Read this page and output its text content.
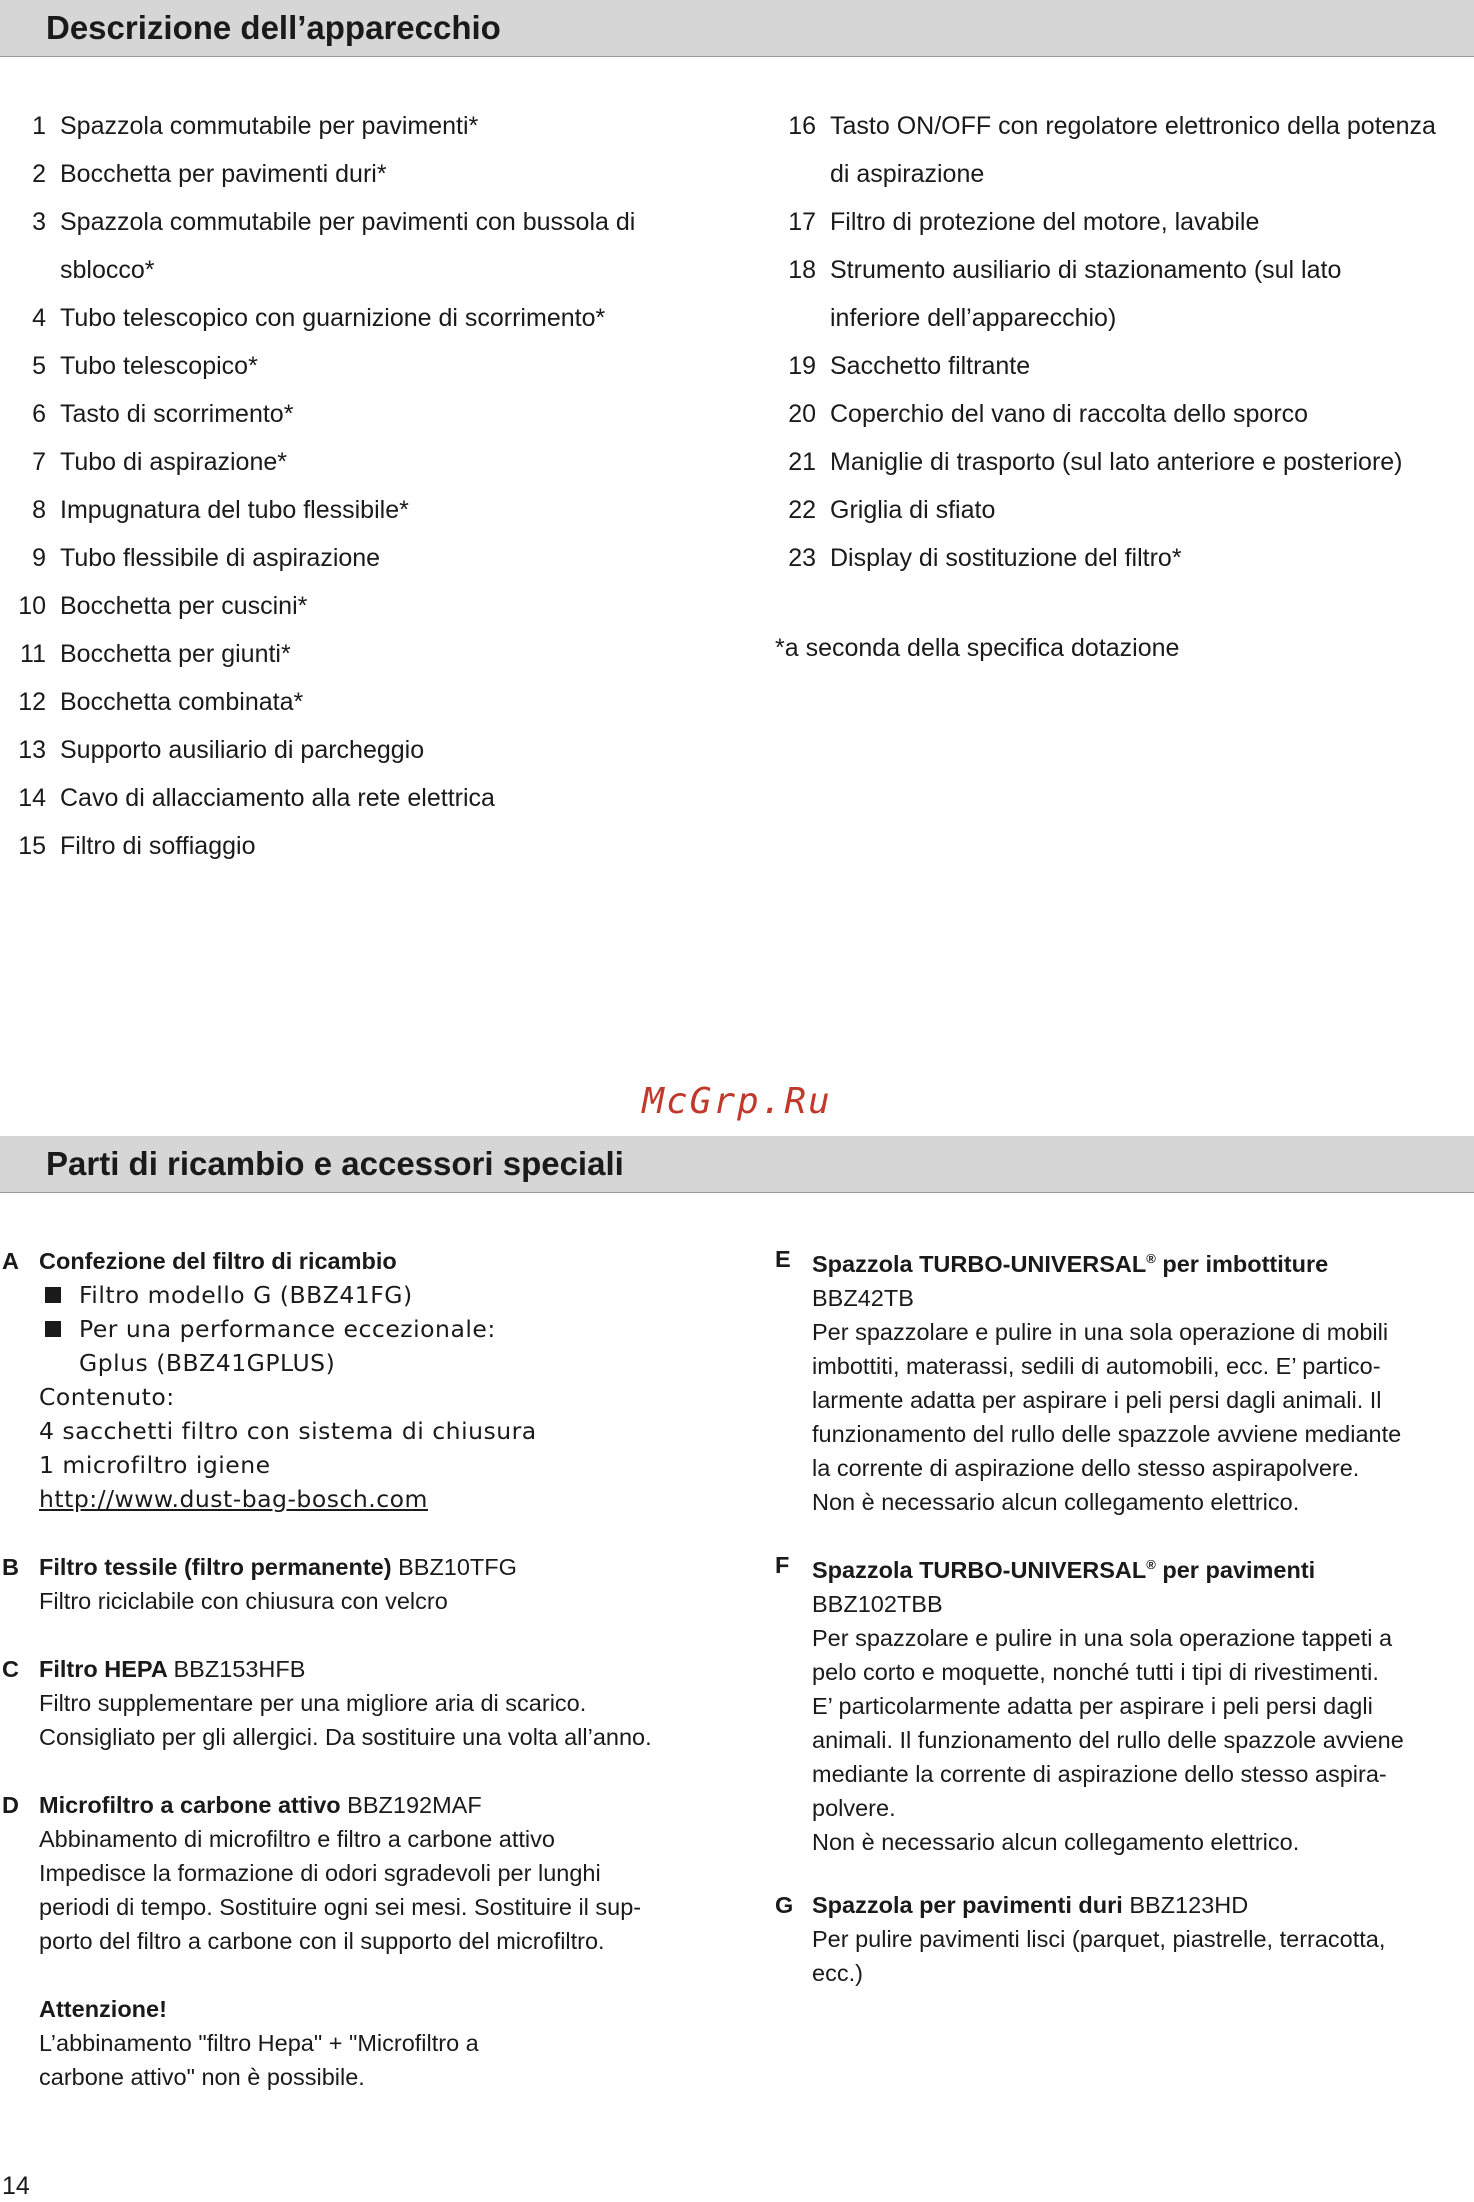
Descrizione dell’apparecchio
1 Spazzola commutabile per pavimenti*
2 Bocchetta per pavimenti duri*
3 Spazzola commutabile per pavimenti con bussola di
sblocco*
4 Tubo telescopico con guarnizione di scorrimento*
5 Tubo telescopico*
6 Tasto di scorrimento*
7 Tubo di aspirazione*
8 Impugnatura del tubo flessibile*
9 Tubo flessibile di aspirazione
10 Bocchetta per cuscini*
11 Bocchetta per giunti*
12 Bocchetta combinata*
13 Supporto ausiliario di parcheggio
14 Cavo di allacciamento alla rete elettrica
15 Filtro di soffiaggio
16 Tasto ON/OFF con regolatore elettronico della potenza
di aspirazione
17 Filtro di protezione del motore, lavabile
18 Strumento ausiliario di stazionamento (sul lato
inferiore dell’apparecchio)
19 Sacchetto filtrante
20 Coperchio del vano di raccolta dello sporco
21 Maniglie di trasporto (sul lato anteriore e posteriore)
22 Griglia di sfiato
23 Display di sostituzione del filtro*
*a seconda della specifica dotazione
McGrp.Ru
Parti di ricambio e accessori speciali
A Confezione del filtro di ricambio
Filtro modello G (BBZ41FG)
Per una performance eccezionale:
Gplus (BBZ41GPLUS)
Contenuto:
4 sacchetti filtro con sistema di chiusura
1 microfiltro igiene
http://www.dust-bag-bosch.com
B Filtro tessile (filtro permanente) BBZ10TFG
Filtro riciclabile con chiusura con velcro
C Filtro HEPA BBZ153HFB
Filtro supplementare per una migliore aria di scarico.
Consigliato per gli allergici. Da sostituire una volta all’anno.
D Microfiltro a carbone attivo BBZ192MAF
Abbinamento di microfiltro e filtro a carbone attivo
Impedisce la formazione di odori sgradevoli per lunghi
periodi di tempo. Sostituire ogni sei mesi. Sostituire il sup-
porto del filtro a carbone con il supporto del microfiltro.
Attenzione!
L’abbinamento "filtro Hepa" + "Microfiltro a
carbone attivo" non è possibile.
E Spazzola TURBO-UNIVERSAL® per imbottiture
BBZ42TB
Per spazzolare e pulire in una sola operazione di mobili
imbottiti, materassi, sedili di automobili, ecc. E’ partico-
larmente adatta per aspirare i peli persi dagli animali. Il
funzionamento del rullo delle spazzole avviene mediante
la corrente di aspirazione dello stesso aspirapolvere.
Non è necessario alcun collegamento elettrico.
F Spazzola TURBO-UNIVERSAL® per pavimenti
BBZ102TBB
Per spazzolare e pulire in una sola operazione tappeti a
pelo corto e moquette, nonché tutti i tipi di rivestimenti.
E’ particolarmente adatta per aspirare i peli persi dagli
animali. Il funzionamento del rullo delle spazzole avviene
mediante la corrente di aspirazione dello stesso aspira-
polvere.
Non è necessario alcun collegamento elettrico.
G Spazzola per pavimenti duri BBZ123HD
Per pulire pavimenti lisci (parquet, piastrelle, terracotta,
ecc.)
14
